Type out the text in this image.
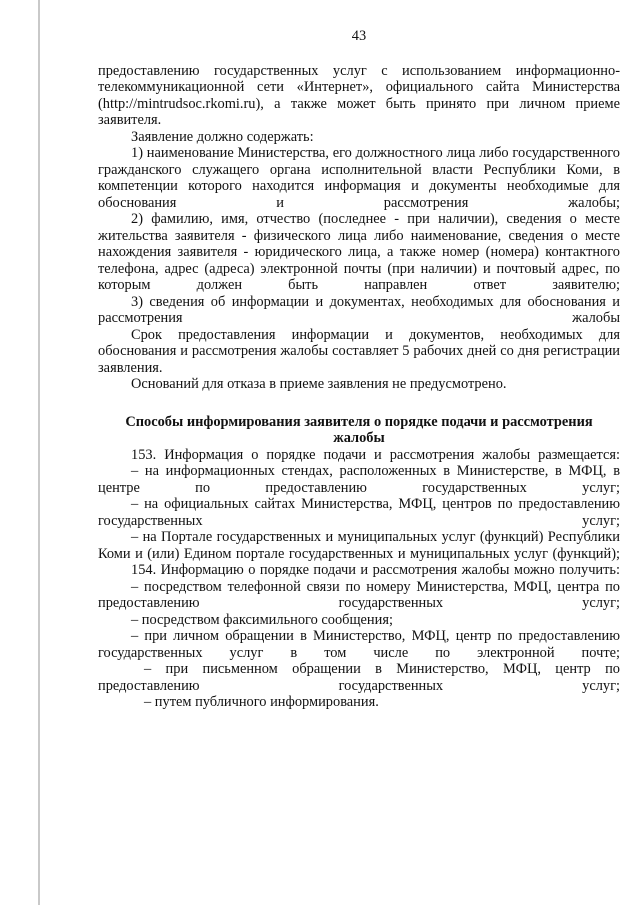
43

предоставлению государственных услуг с использованием информационно-телекоммуникационной сети «Интернет», официального сайта Министерства (http://mintrudsoc.rkomi.ru), а также может быть принято при личном приеме заявителя.

Заявление должно содержать:

1) наименование Министерства, его должностного лица либо государственного гражданского служащего органа исполнительной власти Республики Коми, в компетенции которого находится информация и документы необходимые для обоснования и рассмотрения жалобы;

2) фамилию, имя, отчество (последнее - при наличии), сведения о месте жительства заявителя - физического лица либо наименование, сведения о месте нахождения заявителя - юридического лица, а также номер (номера) контактного телефона, адрес (адреса) электронной почты (при наличии) и почтовый адрес, по которым должен быть направлен ответ заявителю;

3) сведения об информации и документах, необходимых для обоснования и рассмотрения жалобы

Срок предоставления информации и документов, необходимых для обоснования и рассмотрения жалобы составляет 5 рабочих дней со дня регистрации заявления.

Оснований для отказа в приеме заявления не предусмотрено.

Способы информирования заявителя о порядке подачи и рассмотрения жалобы

153. Информация о порядке подачи и рассмотрения жалобы размещается:

– на информационных стендах, расположенных в Министерстве, в МФЦ, в центре по предоставлению государственных услуг;

– на официальных сайтах Министерства, МФЦ, центров по предоставлению государственных услуг;

– на Портале государственных и муниципальных услуг (функций) Республики Коми и (или) Едином портале государственных и муниципальных услуг (функций);

154. Информацию о порядке подачи и рассмотрения жалобы можно получить:

– посредством телефонной связи по номеру Министерства, МФЦ, центра по предоставлению государственных услуг;

– посредством факсимильного сообщения;

– при личном обращении в Министерство, МФЦ, центр по предоставлению государственных услуг в том числе по электронной почте;

– при письменном обращении в Министерство, МФЦ, центр по предоставлению государственных услуг;

– путем публичного информирования.
